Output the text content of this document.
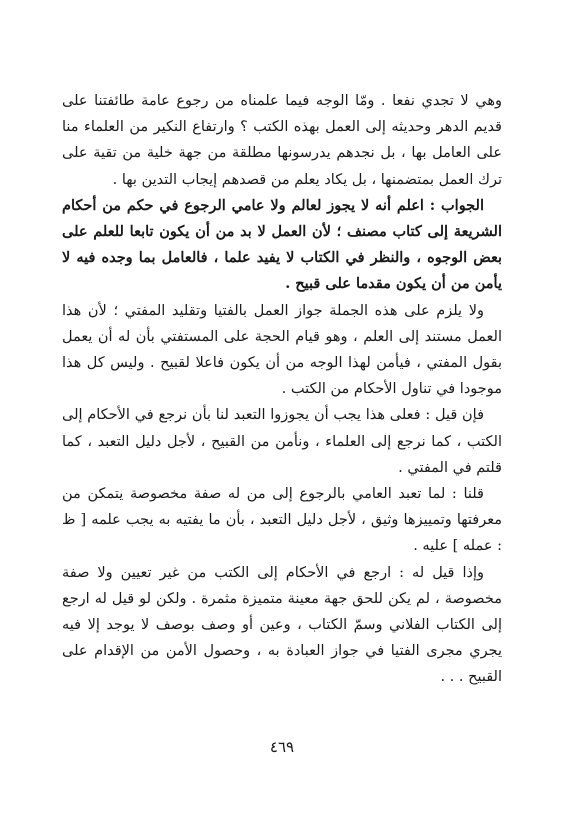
وهي لا تجدي نفعا . ومّا الوجه فيما علمناه من رجوع عامة طائفتنا على قديم الدهر وحديثه إلى العمل بهذه الكتب ؟ وارتفاع النكير من العلماء منا على العامل بها ، بل نجدهم يدرسونها مطلقة من جهة خلية من تقية على ترك العمل بمتضمنها ، بل يكاد يعلم من قصدهم إيجاب التدين بها .

الجواب : اعلم أنه لا يجوز لعالم ولا عامي الرجوع في حكم من أحكام الشريعة إلى كتاب مصنف ؛ لأن العمل لا بد من أن يكون تابعا للعلم على بعض الوجوه ، والنظر في الكتاب لا يفيد علما ، فالعامل بما وجده فيه لا يأمن من أن يكون مقدما على قبيح .

ولا يلزم على هذه الجملة جواز العمل بالفتيا وتقليد المفتي ؛ لأن هذا العمل مستند إلى العلم ، وهو قيام الحجة على المستفتي بأن له أن يعمل بقول المفتي ، فيأمن لهذا الوجه من أن يكون فاعلا لقبيح . وليس كل هذا موجودا في تناول الأحكام من الكتب .

فإن قيل : فعلى هذا يجب أن يجوزوا التعبد لنا بأن نرجع في الأحكام إلى الكتب ، كما نرجع إلى العلماء ، ونأمن من القبيح ، لأجل دليل التعبد ، كما قلتم في المفتي .

قلنا : لما تعبد العامي بالرجوع إلى من له صفة مخصوصة يتمكن من معرفتها وتمييزها وثيق ، لأجل دليل التعبد ، بأن ما يفتيه به يجب علمه [ ظ : عمله ] عليه .

وإذا قيل له : ارجع في الأحكام إلى الكتب من غير تعيين ولا صفة مخصوصة ، لم يكن للحق جهة معينة متميزة مثمرة . ولكن لو قيل له ارجع إلى الكتاب الفلاني وسمّ الكتاب ، وعين أو وصف بوصف لا يوجد إلا فيه يجري مجرى الفتيا في جواز العبادة به ، وحصول الأمن من الإقدام على القبيح . . .

٤٦٩
